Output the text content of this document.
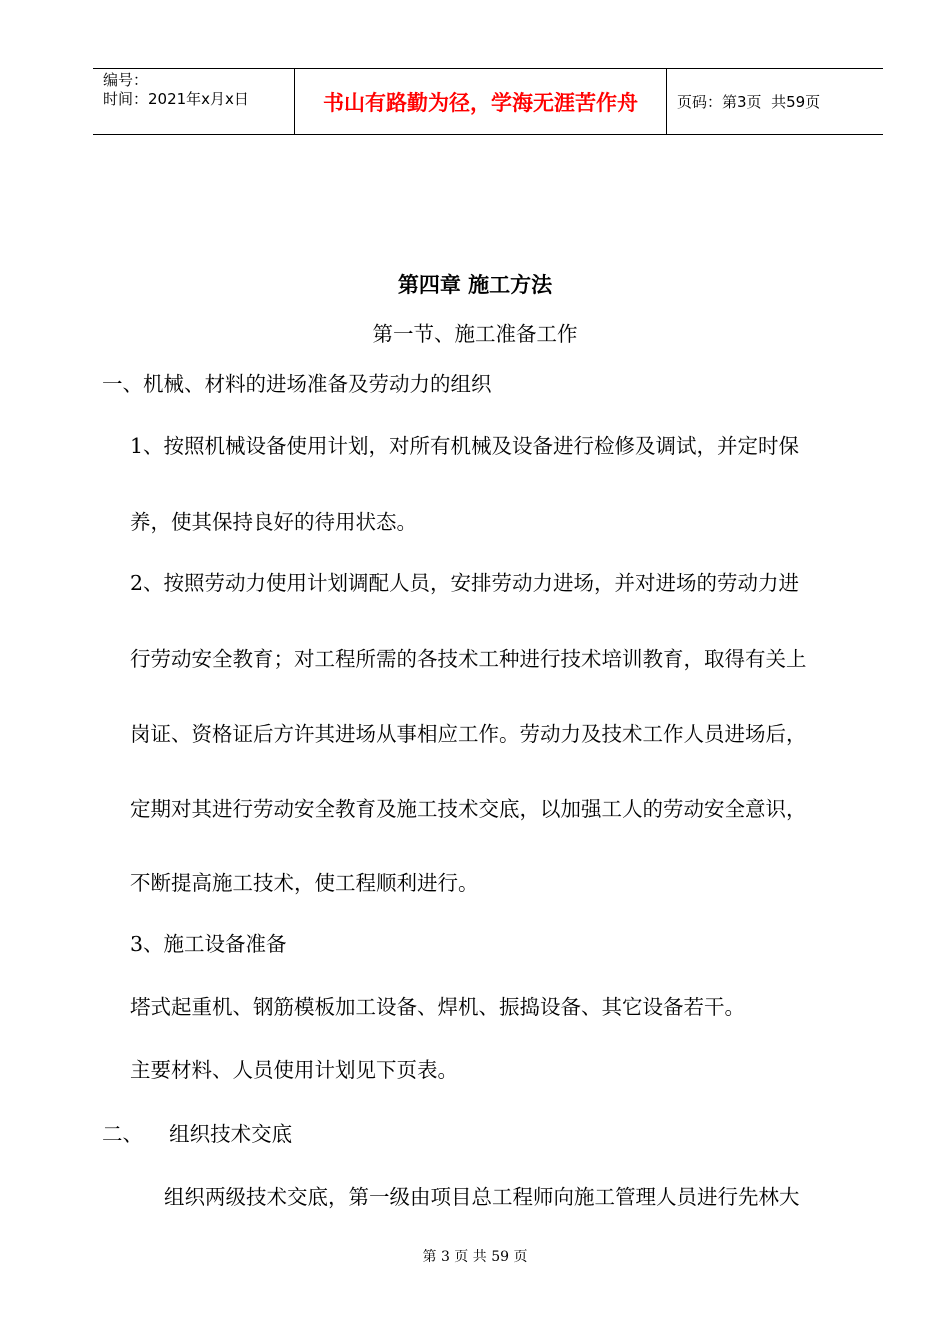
编号：
时间：2021年x月x日	书山有路勤为径，学海无涯苦作舟	页码：第3页  共59页
第四章 施工方法
第一节、施工准备工作
一、机械、材料的进场准备及劳动力的组织
1、按照机械设备使用计划，对所有机械及设备进行检修及调试，并定时保
养，使其保持良好的待用状态。
2、按照劳动力使用计划调配人员，安排劳动力进场，并对进场的劳动力进
行劳动安全教育；对工程所需的各技术工种进行技术培训教育，取得有关上
岗证、资格证后方许其进场从事相应工作。劳动力及技术工作人员进场后，
定期对其进行劳动安全教育及施工技术交底，以加强工人的劳动安全意识，
不断提高施工技术，使工程顺利进行。
3、施工设备准备
塔式起重机、钢筋模板加工设备、焊机、振捣设备、其它设备若干。
主要材料、人员使用计划见下页表。
二、    组织技术交底
组织两级技术交底，第一级由项目总工程师向施工管理人员进行先林大
第 3 页 共 59 页
